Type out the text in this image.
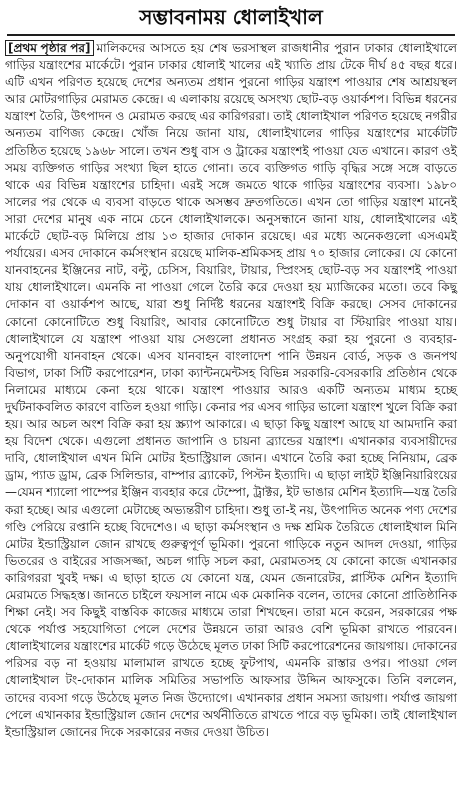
সম্ভাবনাময় ধোলাইখাল

[প্রথম পৃষ্ঠার পর] মালিকদের আসতে হয় শেষ ভরসাস্থল রাজধানীর পুরান ঢাকার ধোলাইখালে গাড়ির যন্ত্রাংশের মার্কেটে। পুরান ঢাকার ধোলাই খালের এই খ্যাতি প্রায় টেকে দীর্ঘ ৪৫ বছর ধরে। এটি এখন পরিণত হয়েছে দেশের অন্যতম প্রধান পুরনো গাড়ির যন্ত্রাংশ পাওয়ার শেষ আশ্রয়স্থল আর মোটরগাড়ির মেরামত কেন্দ্রে। এ এলাকায় রয়েছে অসংখ্য ছোট-বড় ওয়ার্কশপ। বিভিন্ন ধরনের যন্ত্রাংশ তৈরি, উৎপাদন ও মেরামত করছে এর কারিগররা। তাই ধোলাইখাল পরিণত হয়েছে নগরীর অন্যতম বাণিজ্য কেন্দ্রে। খোঁজ নিয়ে জানা যায়, ধোলাইখালের গাড়ির যন্ত্রাংশের মার্কেটটি প্রতিষ্ঠিত হয়েছে ১৯৬৮ সালে। তখন শুধু বাস ও ট্রাকের যন্ত্রাংশই পাওয়া যেত এখানে। কারণ ওই সময় ব্যক্তিগত গাড়ির সংখ্যা ছিল হাতে গোনা। তবে ব্যক্তিগত গাড়ি বৃদ্ধির সঙ্গে সঙ্গে বাড়তে থাকে এর বিভিন্ন যন্ত্রাংশের চাহিদা। এরই সঙ্গে জমতে থাকে গাড়ির যন্ত্রাংশের ব্যবসা। ১৯৮০ সালের পর থেকে এ ব্যবসা বাড়তে থাকে অসম্ভব দ্রুতগতিতে। এখন তো গাড়ির যন্ত্রাংশ মানেই সারা দেশের মানুষ এক নামে চেনে ধোলাইখালকে। অনুসন্ধানে জানা যায়, ধোলাইখালের এই মার্কেটে ছোট-বড় মিলিয়ে প্রায় ১৩ হাজার দোকান রয়েছে। এর মধ্যে অনেকগুলো এসএমই পর্যায়ের। এসব দোকানে কর্মসংস্থান রয়েছে মালিক-শ্রমিকসহ প্রায় ৭০ হাজার লোকের। যে কোনো যানবাহনের ইঞ্জিনের নাট, বল্টু, চেসিস, বিয়ারিং, টায়ার, স্প্রিংসহ ছোট-বড় সব যন্ত্রাংশই পাওয়া যায় ধোলাইখালে। এমনকি না পাওয়া গেলে তৈরি করে দেওয়া হয় ম্যাজিকের মতো। তবে কিছু দোকান বা ওয়ার্কশপ আছে, যারা শুধু নির্দিষ্ট ধরনের যন্ত্রাংশই বিক্রি করছে। সেসব দোকানের কোনো কোনোটিতে শুধু বিয়ারিং, আবার কোনোটিতে শুধু টায়ার বা স্টিয়ারিং পাওয়া যায়। ধোলাইখালে যে যন্ত্রাংশ পাওয়া যায় সেগুলো প্রধানত সংগ্রহ করা হয় পুরনো ও ব্যবহার-অনুপযোগী যানবাহন থেকে। এসব যানবাহন বাংলাদেশ পানি উন্নয়ন বোর্ড, সড়ক ও জনপথ বিভাগ, ঢাকা সিটি করপোরেশন, ঢাকা ক্যান্টনমেন্টসহ বিভিন্ন সরকারি-বেসরকারি প্রতিষ্ঠান থেকে নিলামের মাধ্যমে কেনা হয়ে থাকে। যন্ত্রাংশ পাওয়ার আরও একটি অন্যতম মাধ্যম হচ্ছে দুর্ঘটনাকবলিত কারণে বাতিল হওয়া গাড়ি। কেনার পর এসব গাড়ির ভালো যন্ত্রাংশ খুলে বিক্রি করা হয়। আর অচল অংশ বিক্রি করা হয় স্ক্র্যাপ আকারে। এ ছাড়া কিছু যন্ত্রাংশ আছে যা আমদানি করা হয় বিদেশ থেকে। এগুলো প্রধানত জাপানি ও চায়না ব্র্যান্ডের যন্ত্রাংশ। এখানকার ব্যবসায়ীদের দাবি, ধোলাইখাল এখন মিনি মোটর ইন্ডাস্ট্রিয়াল জোন। এখানে তৈরি করা হচ্ছে নিনিয়াম, ব্রেক ড্রাম, প্যাড ড্রাম, ব্রেক সিলিন্ডার, বাম্পার ব্র্যাকেট, পিস্টন ইত্যাদি। এ ছাড়া লাইট ইঞ্জিনিয়ারিংয়ের—যেমন শ্যালো পাম্পের ইঞ্জিন ব্যবহার করে টেম্পো, ট্রাক্টর, ইট ভাঙার মেশিন ইত্যাদি—যন্ত্র তৈরি করা হচ্ছে। আর এগুলো মেটাচ্ছে অভ্যন্তরীণ চাহিদা। শুধু তা-ই নয়, উৎপাদিত অনেক পণ্য দেশের গণ্ডি পেরিয়ে রপ্তানি হচ্ছে বিদেশেও। এ ছাড়া কর্মসংস্থান ও দক্ষ শ্রমিক তৈরিতে ধোলাইখাল মিনি মোটর ইন্ডাস্ট্রিয়াল জোন রাখছে গুরুত্বপূর্ণ ভূমিকা। পুরনো গাড়িকে নতুন আদল দেওয়া, গাড়ির ভিতরের ও বাইরের সাজসজ্জা, অচল গাড়ি সচল করা, মেরামতসহ যে কোনো কাজে এখানকার কারিগররা খুবই দক্ষ। এ ছাড়া হাতে যে কোনো যন্ত্র, যেমন জেনারেটর, প্লাস্টিক মেশিন ইত্যাদি মেরামতে সিদ্ধহস্ত। জানতে চাইলে ফয়সাল নামে এক মেকানিক বলেন, তাদের কোনো প্রাতিষ্ঠানিক শিক্ষা নেই। সব কিছুই বাস্তবিক কাজের মাধ্যমে তারা শিখছেন। তারা মনে করেন, সরকারের পক্ষ থেকে পর্যাপ্ত সহযোগিতা পেলে দেশের উন্নয়নে তারা আরও বেশি ভূমিকা রাখতে পারবেন। ধোলাইখালের যন্ত্রাংশের মার্কেট গড়ে উঠেছে মূলত ঢাকা সিটি করপোরেশনের জায়গায়। দোকানের পরিসর বড় না হওয়ায় মালামাল রাখতে হচ্ছে ফুটপাথ, এমনকি রাস্তার ওপর। পাওয়া গেল ধোলাইখাল টং-দোকান মালিক সমিতির সভাপতি আফসার উদ্দিন আফসুকে। তিনি বললেন, তাদের ব্যবসা গড়ে উঠেছে মূলত নিজ উদ্যোগে। এখানকার প্রধান সমস্যা জায়গা। পর্যাপ্ত জায়গা পেলে এখানকার ইন্ডাস্ট্রিয়াল জোন দেশের অর্থনীতিতে রাখতে পারে বড় ভূমিকা। তাই ধোলাইখাল ইন্ডাস্ট্রিয়াল জোনের দিকে সরকারের নজর দেওয়া উচিত।
